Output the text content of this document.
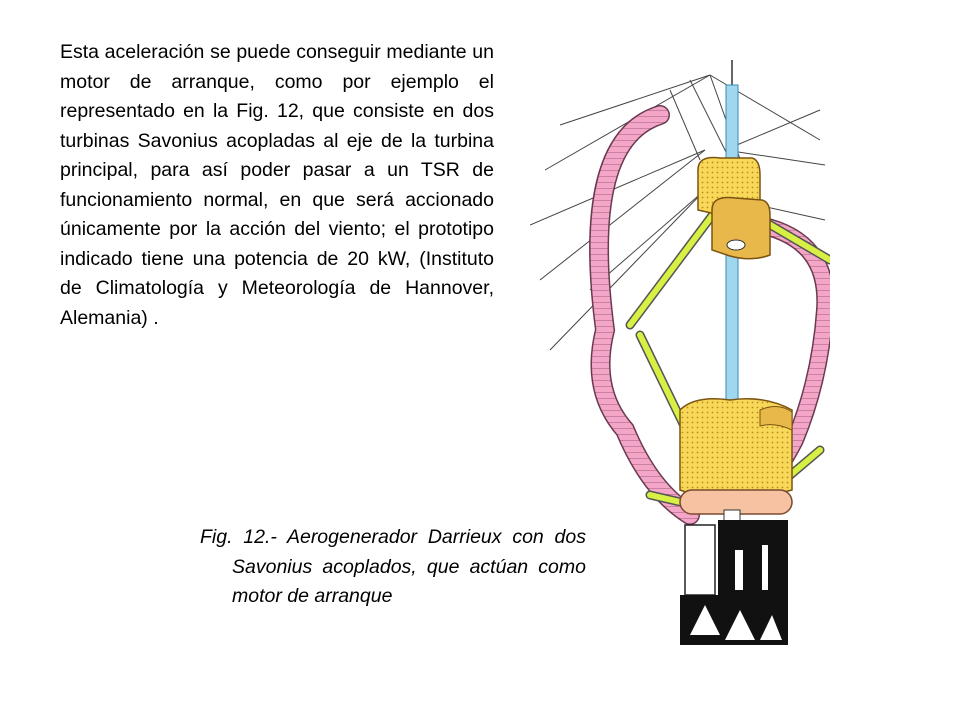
Esta aceleración se puede conseguir mediante un motor de arranque, como por ejemplo el representado en la Fig. 12, que consiste en dos turbinas Savonius acopladas al eje de la turbina principal, para así poder pasar a un TSR de funcionamiento normal, en que será accionado únicamente por la acción del viento; el prototipo indicado tiene una potencia de 20 kW, (Instituto de Climatología y Meteorología de Hannover, Alemania) .

Fig. 12.- Aerogenerador Darrieux con dos Savonius acoplados, que actúan como motor de arranque
